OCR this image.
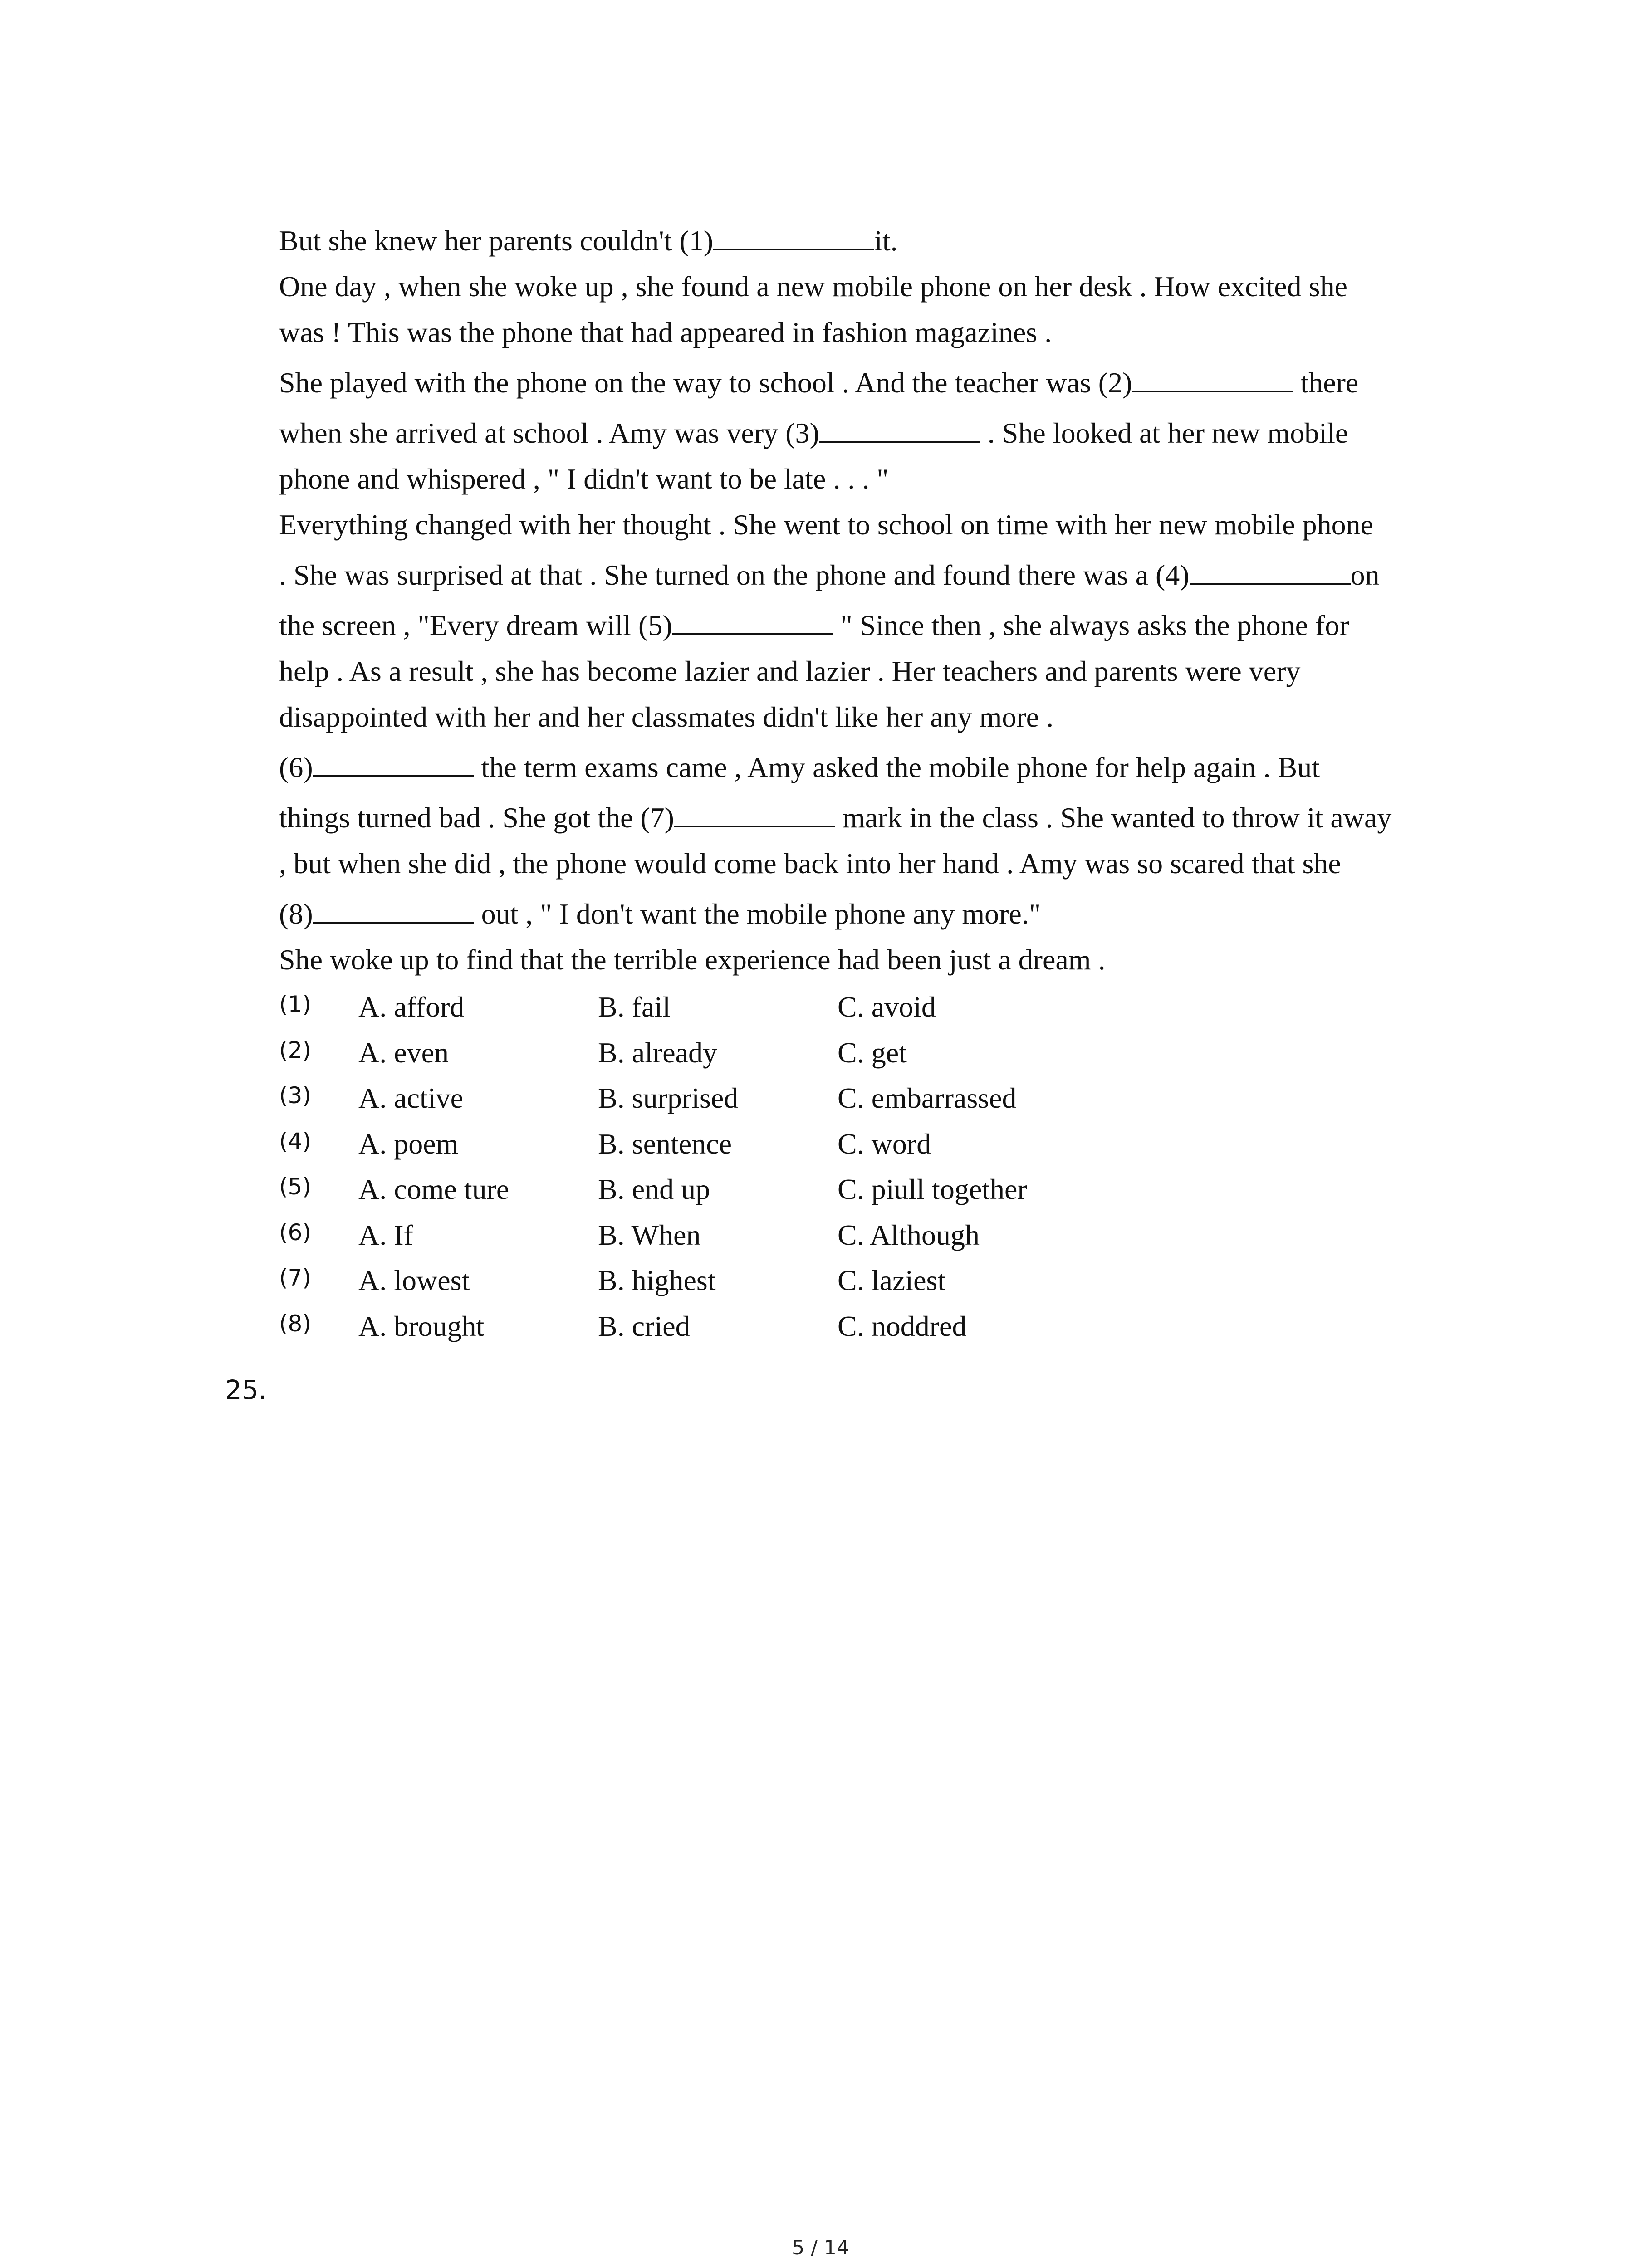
But she knew her parents couldn't (1)	it.
One day , when she woke up , she found a new mobile phone on her desk . How excited she
was ! This was the phone that had appeared in fashion magazines .
She played with the phone on the way to school . And the teacher was (2)	there
when she arrived at school . Amy was very (3)	. She looked at her new mobile
phone and whispered , " I didn't want to be late . . . "
Everything changed with her thought . She went to school on time with her new mobile phone
. She was surprised at that . She turned on the phone and found there was a (4)	on
the screen , "Every dream will (5)	" Since then , she always asks the phone for
help . As a result , she has become lazier and lazier . Her teachers and parents were very
disappointed with her and her classmates didn't like her any more .
(6)	the term exams came , Amy asked the mobile phone for help again . But
things turned bad . She got the (7)	mark in the class . She wanted to throw it away
, but when she did , the phone would come back into her hand . Amy was so scared that she
(8)	out , " I don't want the mobile phone any more."
She woke up to find that the terrible experience had been just a dream .
(1)	A. afford	B. fail	C. avoid
(2)	A. even	B. already	C. get
(3)	A. active	B. surprised	C. embarrassed
(4)	A. poem	B. sentence	C. word
(5)	A. come ture	B. end up	C. piull together
(6)	A. If	B. When	C. Although
(7)	A. lowest	B. highest	C. laziest
(8)	A. brought	B. cried	C. noddred
25.
5 / 14
